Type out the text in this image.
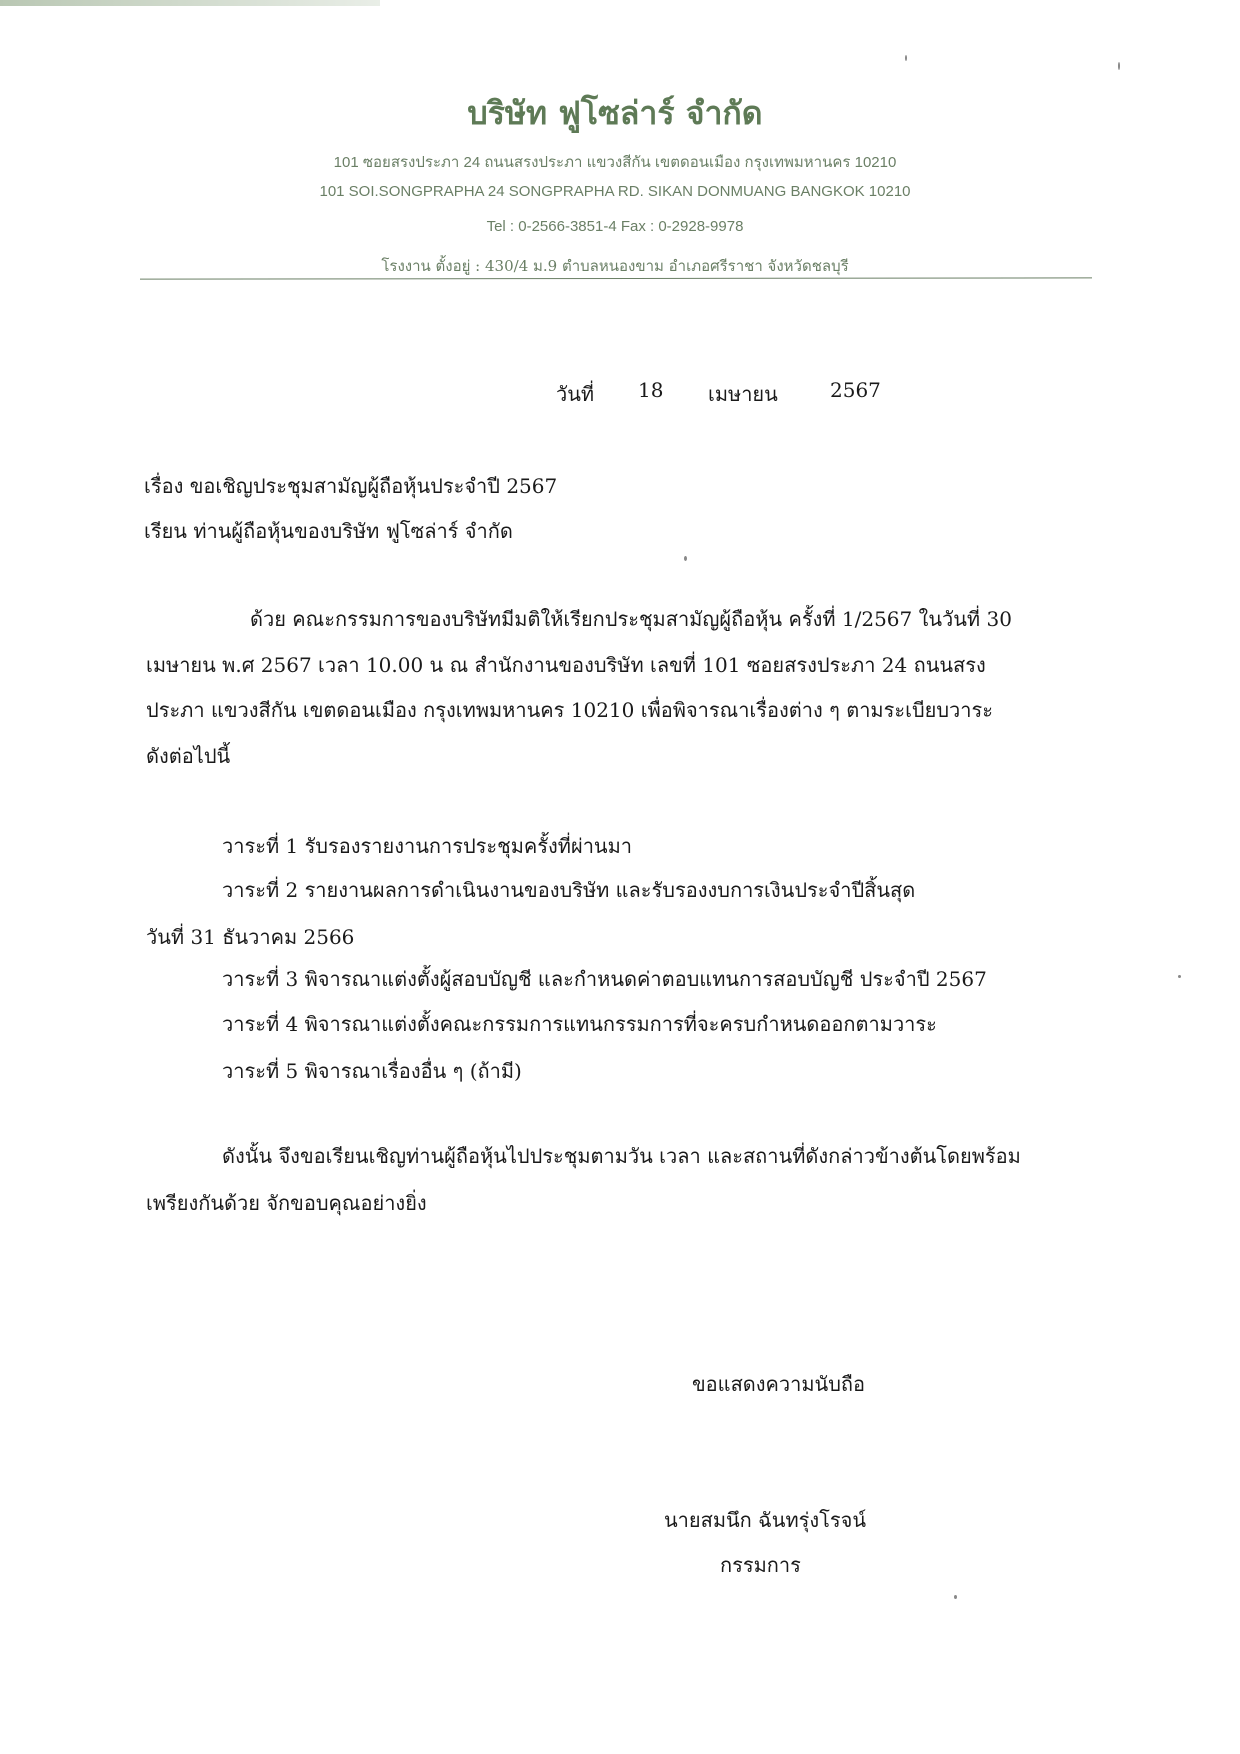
บริษัท ฟูโซล่าร์ จำกัด
101 ซอยสรงประภา 24 ถนนสรงประภา แขวงสีกัน เขตดอนเมือง กรุงเทพมหานคร 10210
101 SOI.SONGPRAPHA 24 SONGPRAPHA RD. SIKAN DONMUANG BANGKOK 10210
Tel : 0-2566-3851-4 Fax : 0-2928-9978
โรงงาน ตั้งอยู่ : 430/4 ม.9 ตำบลหนองขาม อำเภอศรีราชา จังหวัดชลบุรี
วันที่ 18 เมษายน	2567
เรื่อง ขอเชิญประชุมสามัญผู้ถือหุ้นประจำปี 2567
เรียน ท่านผู้ถือหุ้นของบริษัท ฟูโซล่าร์ จำกัด
ด้วย คณะกรรมการของบริษัทมีมติให้เรียกประชุมสามัญผู้ถือหุ้น ครั้งที่ 1/2567 ในวันที่ 30
เมษายน พ.ศ 2567 เวลา 10.00 น ณ สำนักงานของบริษัท เลขที่ 101 ซอยสรงประภา 24 ถนนสรง
ประภา แขวงสีกัน เขตดอนเมือง กรุงเทพมหานคร 10210 เพื่อพิจารณาเรื่องต่าง ๆ ตามระเบียบวาระ
ดังต่อไปนี้
วาระที่ 1 รับรองรายงานการประชุมครั้งที่ผ่านมา
วาระที่ 2 รายงานผลการดำเนินงานของบริษัท และรับรองงบการเงินประจำปีสิ้นสุด
วันที่ 31 ธันวาคม 2566
วาระที่ 3 พิจารณาแต่งตั้งผู้สอบบัญชี และกำหนดค่าตอบแทนการสอบบัญชี ประจำปี 2567
วาระที่ 4 พิจารณาแต่งตั้งคณะกรรมการแทนกรรมการที่จะครบกำหนดออกตามวาระ
วาระที่ 5 พิจารณาเรื่องอื่น ๆ (ถ้ามี)
ดังนั้น จึงขอเรียนเชิญท่านผู้ถือหุ้นไปประชุมตามวัน เวลา และสถานที่ดังกล่าวข้างต้นโดยพร้อม
เพรียงกันด้วย จักขอบคุณอย่างยิ่ง
ขอแสดงความนับถือ
นายสมนึก ฉันทรุ่งโรจน์
กรรมการ
